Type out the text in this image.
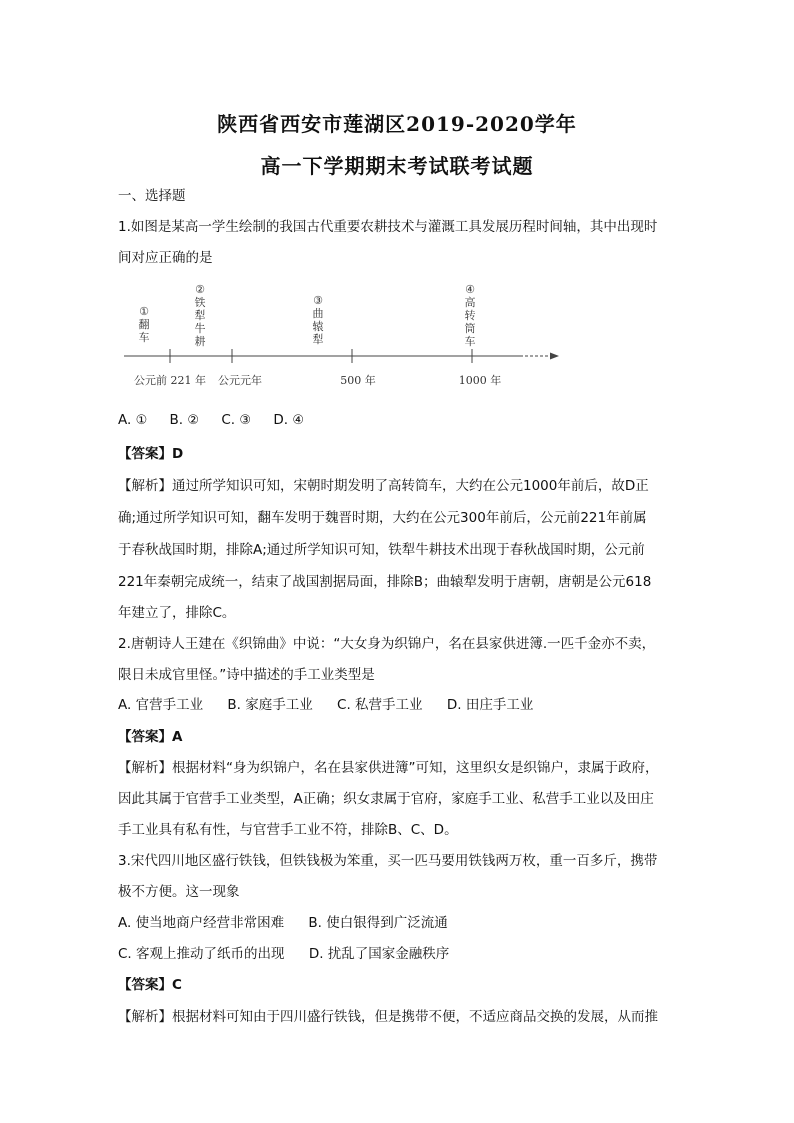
陕西省西安市莲湖区2019-2020学年
高一下学期期末考试联考试题
一、选择题
1.如图是某高一学生绘制的我国古代重要农耕技术与灌溉工具发展历程时间轴，其中出现时
间对应正确的是
①
翻
车
②
铁
犁
牛
耕
③
曲
辕
犁
④
高
转
筒
车
公元前 221 年 公元元年	500 年	1000 年
A. ① B. ② C. ③ D. ④
【答案】D
【解析】通过所学知识可知，宋朝时期发明了高转筒车，大约在公元1000年前后，故D正
确;通过所学知识可知，翻车发明于魏晋时期，大约在公元300年前后，公元前221年前属
于春秋战国时期，排除A;通过所学知识可知，铁犁牛耕技术出现于春秋战国时期，公元前
221年秦朝完成统一，结束了战国割据局面，排除B；曲辕犁发明于唐朝，唐朝是公元618
年建立了，排除C。
2.唐朝诗人王建在《织锦曲》中说：“大女身为织锦户，名在县家供进簿.一匹千金亦不卖，
限日未成官里怪。”诗中描述的手工业类型是
A. 官营手工业 B. 家庭手工业 C. 私营手工业 D. 田庄手工业
【答案】A
【解析】根据材料“身为织锦户，名在县家供进簿”可知，这里织女是织锦户，隶属于政府，
因此其属于官营手工业类型，A正确；织女隶属于官府，家庭手工业、私营手工业以及田庄
手工业具有私有性，与官营手工业不符，排除B、C、D。
3.宋代四川地区盛行铁钱，但铁钱极为笨重，买一匹马要用铁钱两万枚，重一百多斤，携带
极不方便。这一现象
A. 使当地商户经营非常困难 B. 使白银得到广泛流通
C. 客观上推动了纸币的出现 D. 扰乱了国家金融秩序
【答案】C
【解析】根据材料可知由于四川盛行铁钱，但是携带不便，不适应商品交换的发展，从而推
